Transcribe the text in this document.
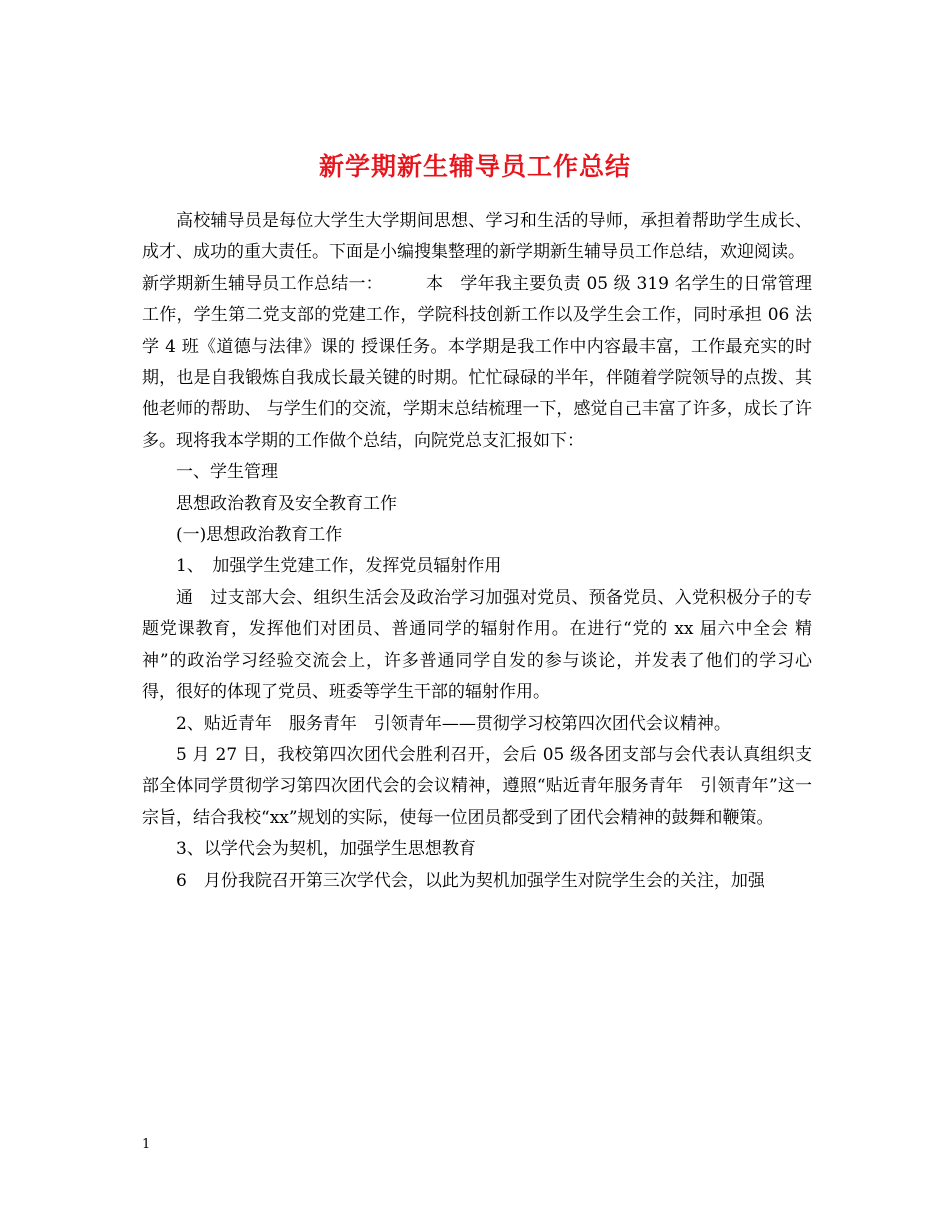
新学期新生辅导员工作总结

高校辅导员是每位大学生大学期间思想、学习和生活的导师，承担着帮助学生成长、成才、成功的重大责任。下面是小编搜集整理的新学期新生辅导员工作总结，欢迎阅读。

新学期新生辅导员工作总结一：　　　本　学年我主要负责 05 级 319 名学生的日常管理工作，学生第二党支部的党建工作，学院科技创新工作以及学生会工作，同时承担 06 法学 4 班《道德与法律》课的 授课任务。本学期是我工作中内容最丰富，工作最充实的时期，也是自我锻炼自我成长最关键的时期。忙忙碌碌的半年，伴随着学院领导的点拨、其他老师的帮助、 与学生们的交流，学期末总结梳理一下，感觉自己丰富了许多，成长了许多。现将我本学期的工作做个总结，向院党总支汇报如下：

一、学生管理

思想政治教育及安全教育工作

(一)思想政治教育工作

1、　加强学生党建工作，发挥党员辐射作用

通　过支部大会、组织生活会及政治学习加强对党员、预备党员、入党积极分子的专题党课教育，发挥他们对团员、普通同学的辐射作用。在进行“党的 xx 届六中全会 精神”的政治学习经验交流会上，许多普通同学自发的参与谈论，并发表了他们的学习心得，很好的体现了党员、班委等学生干部的辐射作用。

2、贴近青年　服务青年　引领青年——贯彻学习校第四次团代会议精神。

5 月 27 日，我校第四次团代会胜利召开，会后 05 级各团支部与会代表认真组织支部全体同学贯彻学习第四次团代会的会议精神，遵照“贴近青年服务青年　引领青年”这一宗旨，结合我校“xx”规划的实际，使每一位团员都受到了团代会精神的鼓舞和鞭策。

3、以学代会为契机，加强学生思想教育

6　月份我院召开第三次学代会，以此为契机加强学生对院学生会的关注，加强

1
